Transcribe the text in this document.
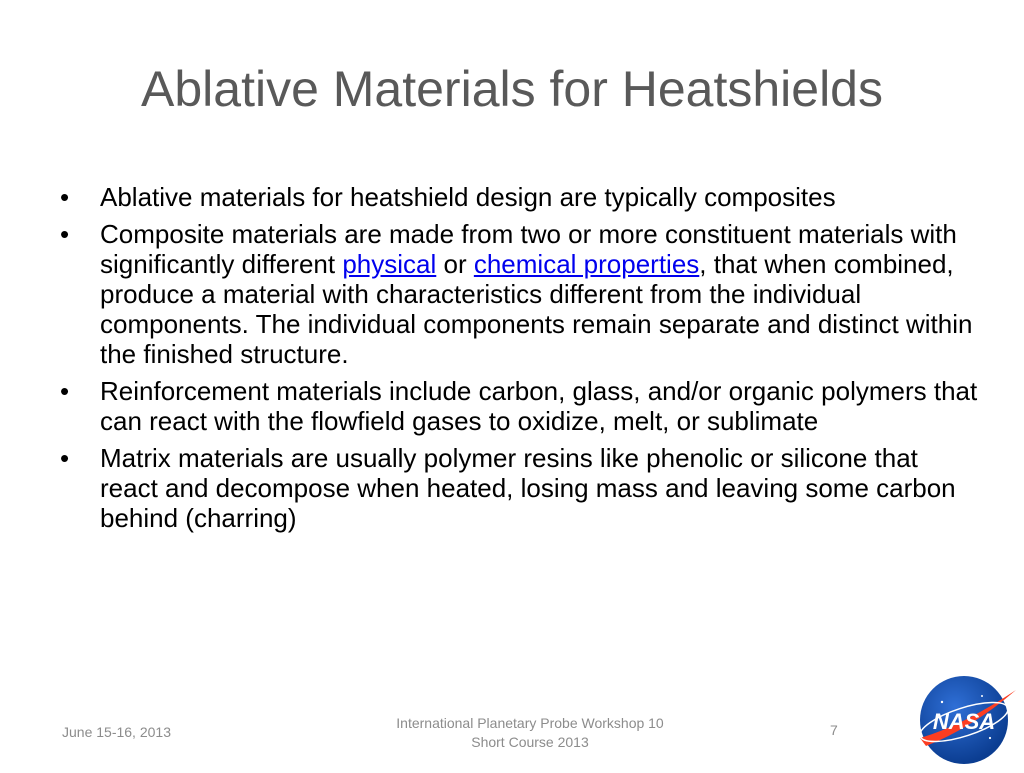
Ablative Materials for Heatshields
•	Ablative materials for heatshield design are typically composites
•	Composite materials are made from two or more constituent materials with significantly different physical or chemical properties, that when combined, produce a material with characteristics different from the individual components. The individual components remain separate and distinct within the finished structure.
•	Reinforcement materials include carbon, glass, and/or organic polymers that can react with the flowfield gases to oxidize, melt, or sublimate
•	Matrix materials are usually polymer resins like phenolic or silicone that react and decompose when heated, losing mass and leaving some carbon behind (charring)
June 15-16, 2013
International Planetary Probe Workshop 10
Short Course 2013
7	NASA
